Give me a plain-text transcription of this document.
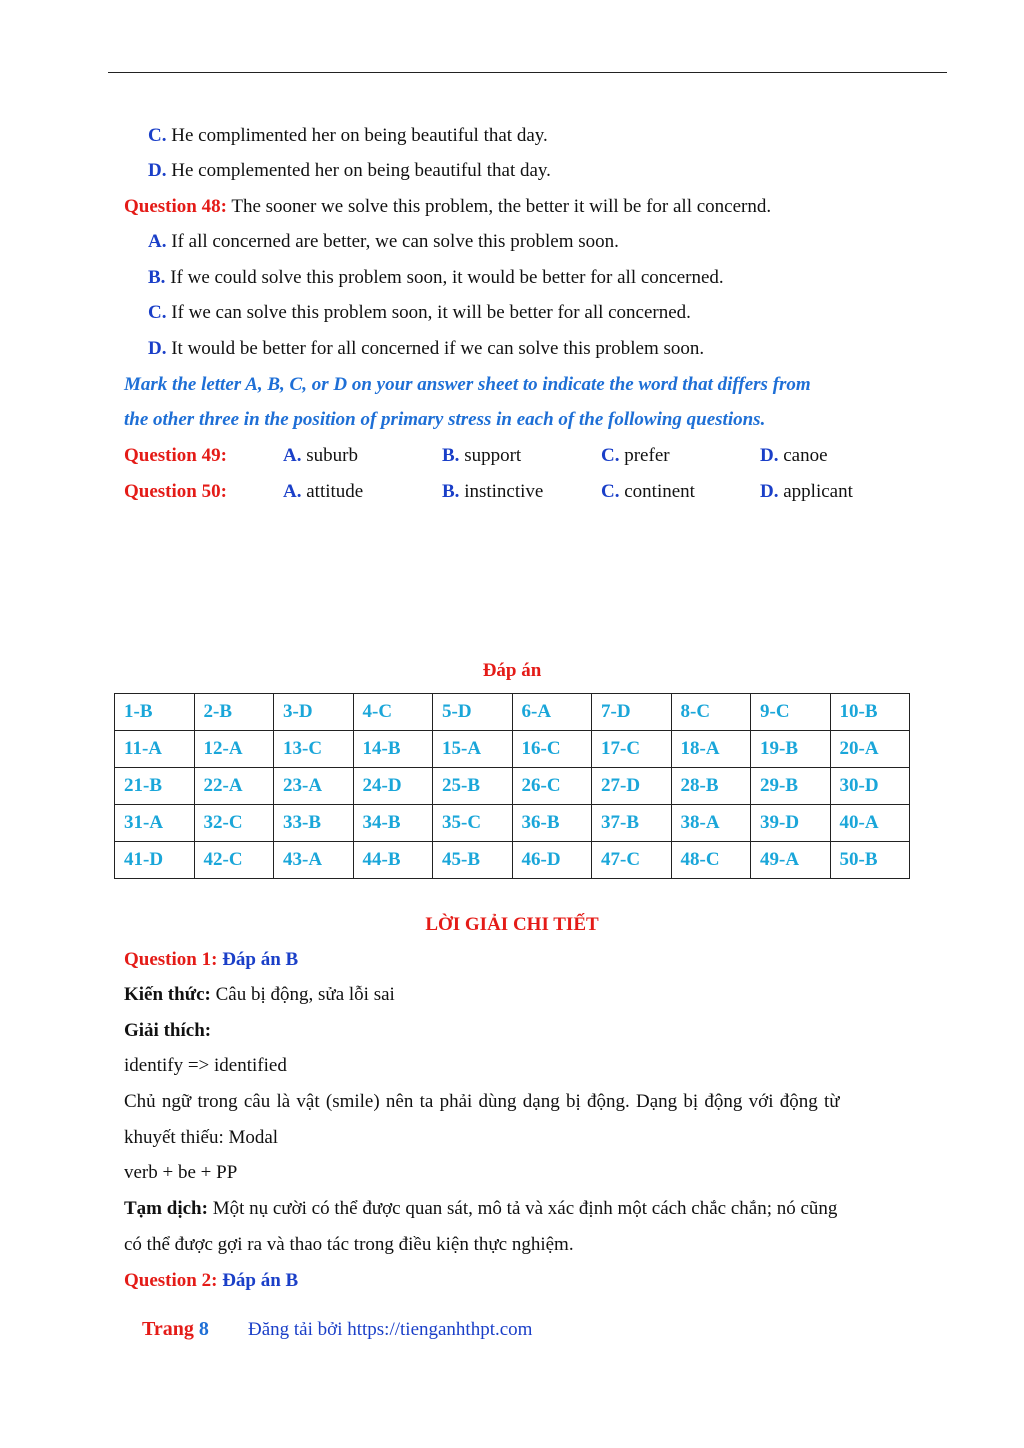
C. He complimented her on being beautiful that day.
D. He complemented her on being beautiful that day.
Question 48: The sooner we solve this problem, the better it will be for all concernd.
A. If all concerned are better, we can solve this problem soon.
B. If we could solve this problem soon, it would be better for all concerned.
C. If we can solve this problem soon, it will be better for all concerned.
D. It would be better for all concerned if we can solve this problem soon.
Mark the letter A, B, C, or D on your answer sheet to indicate the word that differs from
the other three in the position of primary stress in each of the following questions.
Question 49:	A. suburb	B. support	C. prefer	D. canoe
Question 50:	A. attitude	B. instinctive	C. continent	D. applicant
Đáp án
1-B	2-B	3-D	4-C	5-D	6-A	7-D	8-C	9-C	10-B
11-A	12-A	13-C	14-B	15-A	16-C	17-C	18-A	19-B	20-A
21-B	22-A	23-A	24-D	25-B	26-C	27-D	28-B	29-B	30-D
31-A	32-C	33-B	34-B	35-C	36-B	37-B	38-A	39-D	40-A
41-D	42-C	43-A	44-B	45-B	46-D	47-C	48-C	49-A	50-B
LỜI GIẢI CHI TIẾT
Question 1: Đáp án B
Kiến thức: Câu bị động, sửa lỗi sai
Giải thích:
identify => identified
Chủ ngữ trong câu là vật (smile) nên ta phải dùng dạng bị động. Dạng bị động với động từ
khuyết thiếu: Modal
verb + be + PP
Tạm dịch: Một nụ cười có thể được quan sát, mô tả và xác định một cách chắc chắn; nó cũng
có thể được gợi ra và thao tác trong điều kiện thực nghiệm.
Question 2: Đáp án B
Trang 8 Đăng tải bởi https://tienganhthpt.com
